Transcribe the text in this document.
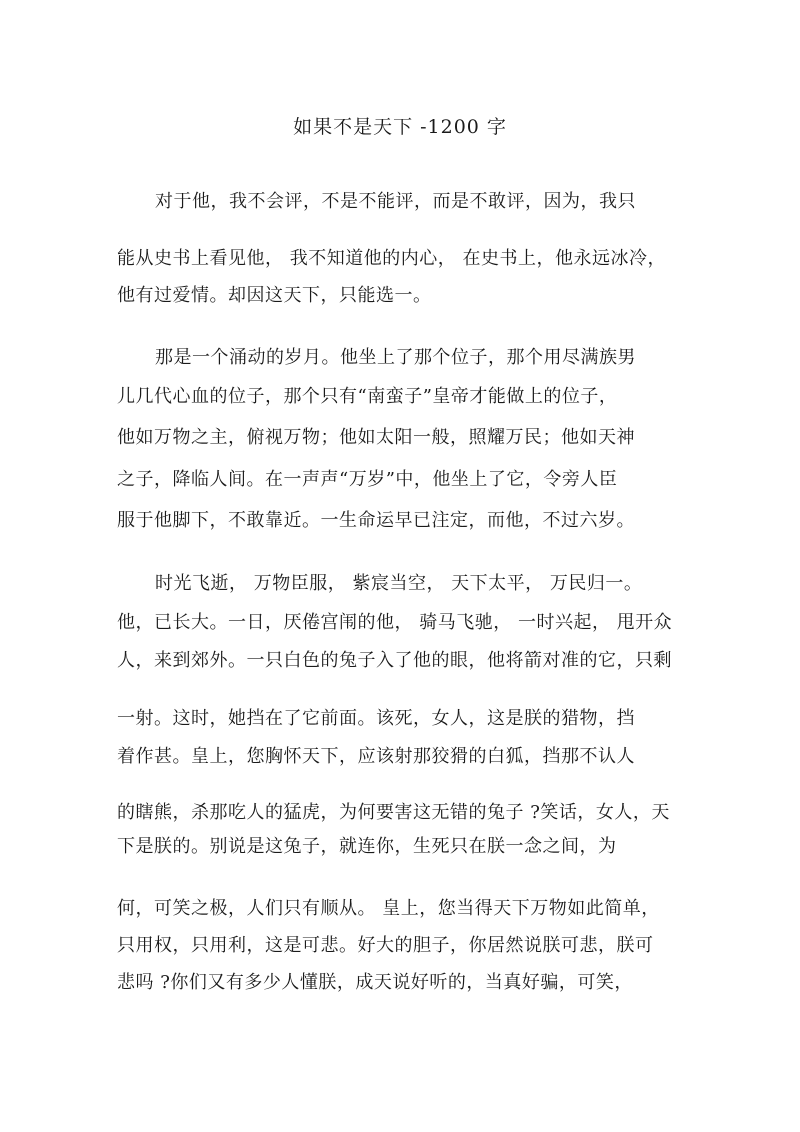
如果不是天下 -1200 字
对于他，我不会评，不是不能评，而是不敢评，因为，我只
能从史书上看见他， 我不知道他的内心， 在史书上，他永远冰冷，
他有过爱情。却因这天下，只能选一。
那是一个涌动的岁月。他坐上了那个位子，那个用尽满族男
儿几代心血的位子，那个只有“南蛮子”皇帝才能做上的位子，
他如万物之主，俯视万物；他如太阳一般，照耀万民；他如天神
之子，降临人间。在一声声“万岁”中，他坐上了它，令旁人臣
服于他脚下，不敢靠近。一生命运早已注定，而他，不过六岁。
时光飞逝， 万物臣服， 紫宸当空， 天下太平， 万民归一。
他，已长大。一日，厌倦宫闱的他， 骑马飞驰， 一时兴起， 甩开众
人，来到郊外。一只白色的兔子入了他的眼，他将箭对准的它，只剩
一射。这时，她挡在了它前面。该死，女人，这是朕的猎物，挡
着作甚。皇上，您胸怀天下，应该射那狡猾的白狐，挡那不认人
的瞎熊，杀那吃人的猛虎，为何要害这无错的兔子 ?笑话，女人，天
下是朕的。别说是这兔子，就连你，生死只在朕一念之间，为
何，可笑之极，人们只有顺从。 皇上，您当得天下万物如此简单，
只用权，只用利，这是可悲。好大的胆子，你居然说朕可悲，朕可
悲吗 ?你们又有多少人懂朕，成天说好听的，当真好骗，可笑，
